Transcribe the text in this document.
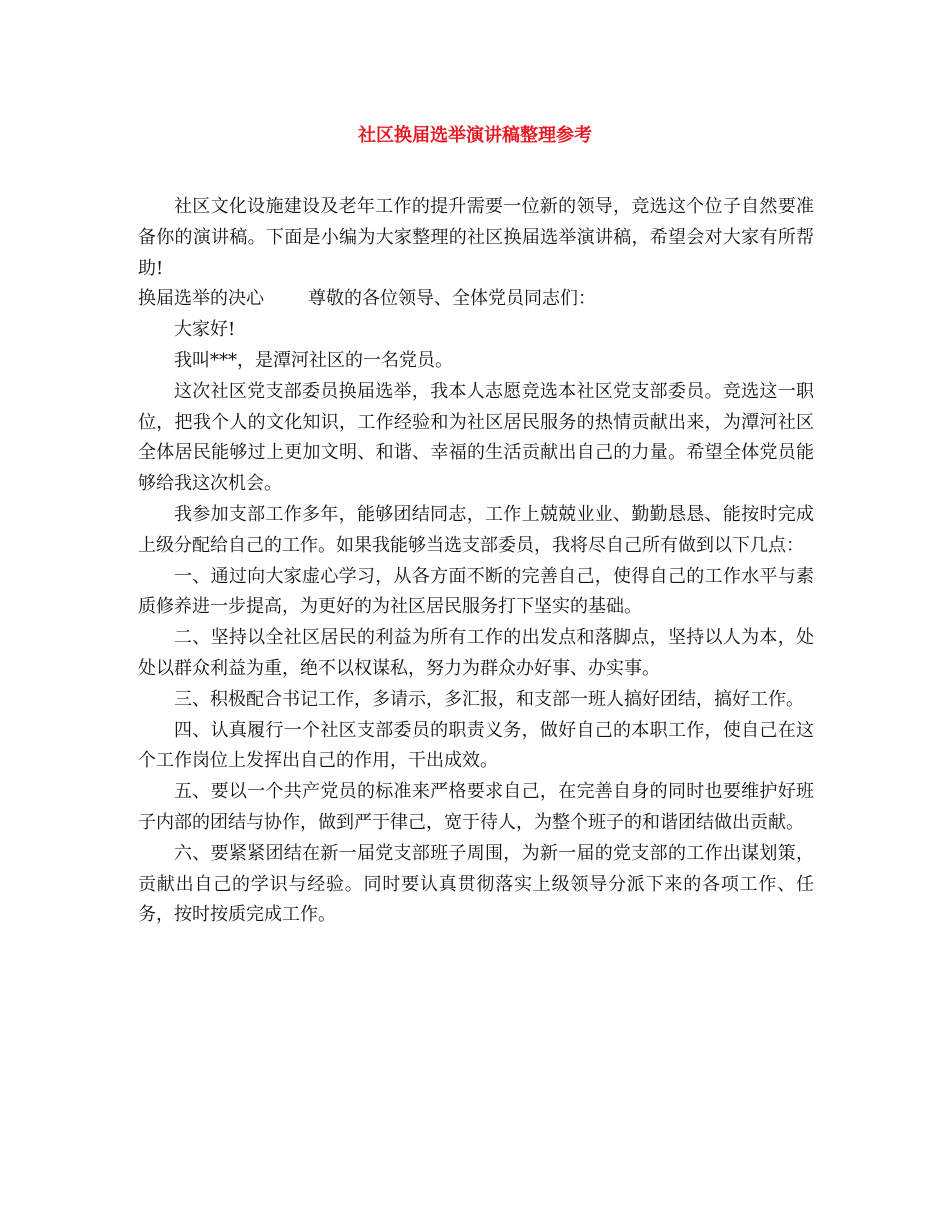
社区换届选举演讲稿整理参考

社区文化设施建设及老年工作的提升需要一位新的领导，竞选这个位子自然要准备你的演讲稿。下面是小编为大家整理的社区换届选举演讲稿，希望会对大家有所帮助!

换届选举的决心 尊敬的各位领导、全体党员同志们：

大家好!

我叫***，是潭河社区的一名党员。

这次社区党支部委员换届选举，我本人志愿竞选本社区党支部委员。竞选这一职位，把我个人的文化知识，工作经验和为社区居民服务的热情贡献出来，为潭河社区全体居民能够过上更加文明、和谐、幸福的生活贡献出自己的力量。希望全体党员能够给我这次机会。

我参加支部工作多年，能够团结同志，工作上兢兢业业、勤勤恳恳、能按时完成上级分配给自己的工作。如果我能够当选支部委员，我将尽自己所有做到以下几点：

一、通过向大家虚心学习，从各方面不断的完善自己，使得自己的工作水平与素质修养进一步提高，为更好的为社区居民服务打下坚实的基础。

二、坚持以全社区居民的利益为所有工作的出发点和落脚点，坚持以人为本，处处以群众利益为重，绝不以权谋私，努力为群众办好事、办实事。

三、积极配合书记工作，多请示，多汇报，和支部一班人搞好团结，搞好工作。

四、认真履行一个社区支部委员的职责义务，做好自己的本职工作，使自己在这个工作岗位上发挥出自己的作用，干出成效。

五、要以一个共产党员的标准来严格要求自己，在完善自身的同时也要维护好班子内部的团结与协作，做到严于律己，宽于待人，为整个班子的和谐团结做出贡献。

六、要紧紧团结在新一届党支部班子周围，为新一届的党支部的工作出谋划策，贡献出自己的学识与经验。同时要认真贯彻落实上级领导分派下来的各项工作、任务，按时按质完成工作。
